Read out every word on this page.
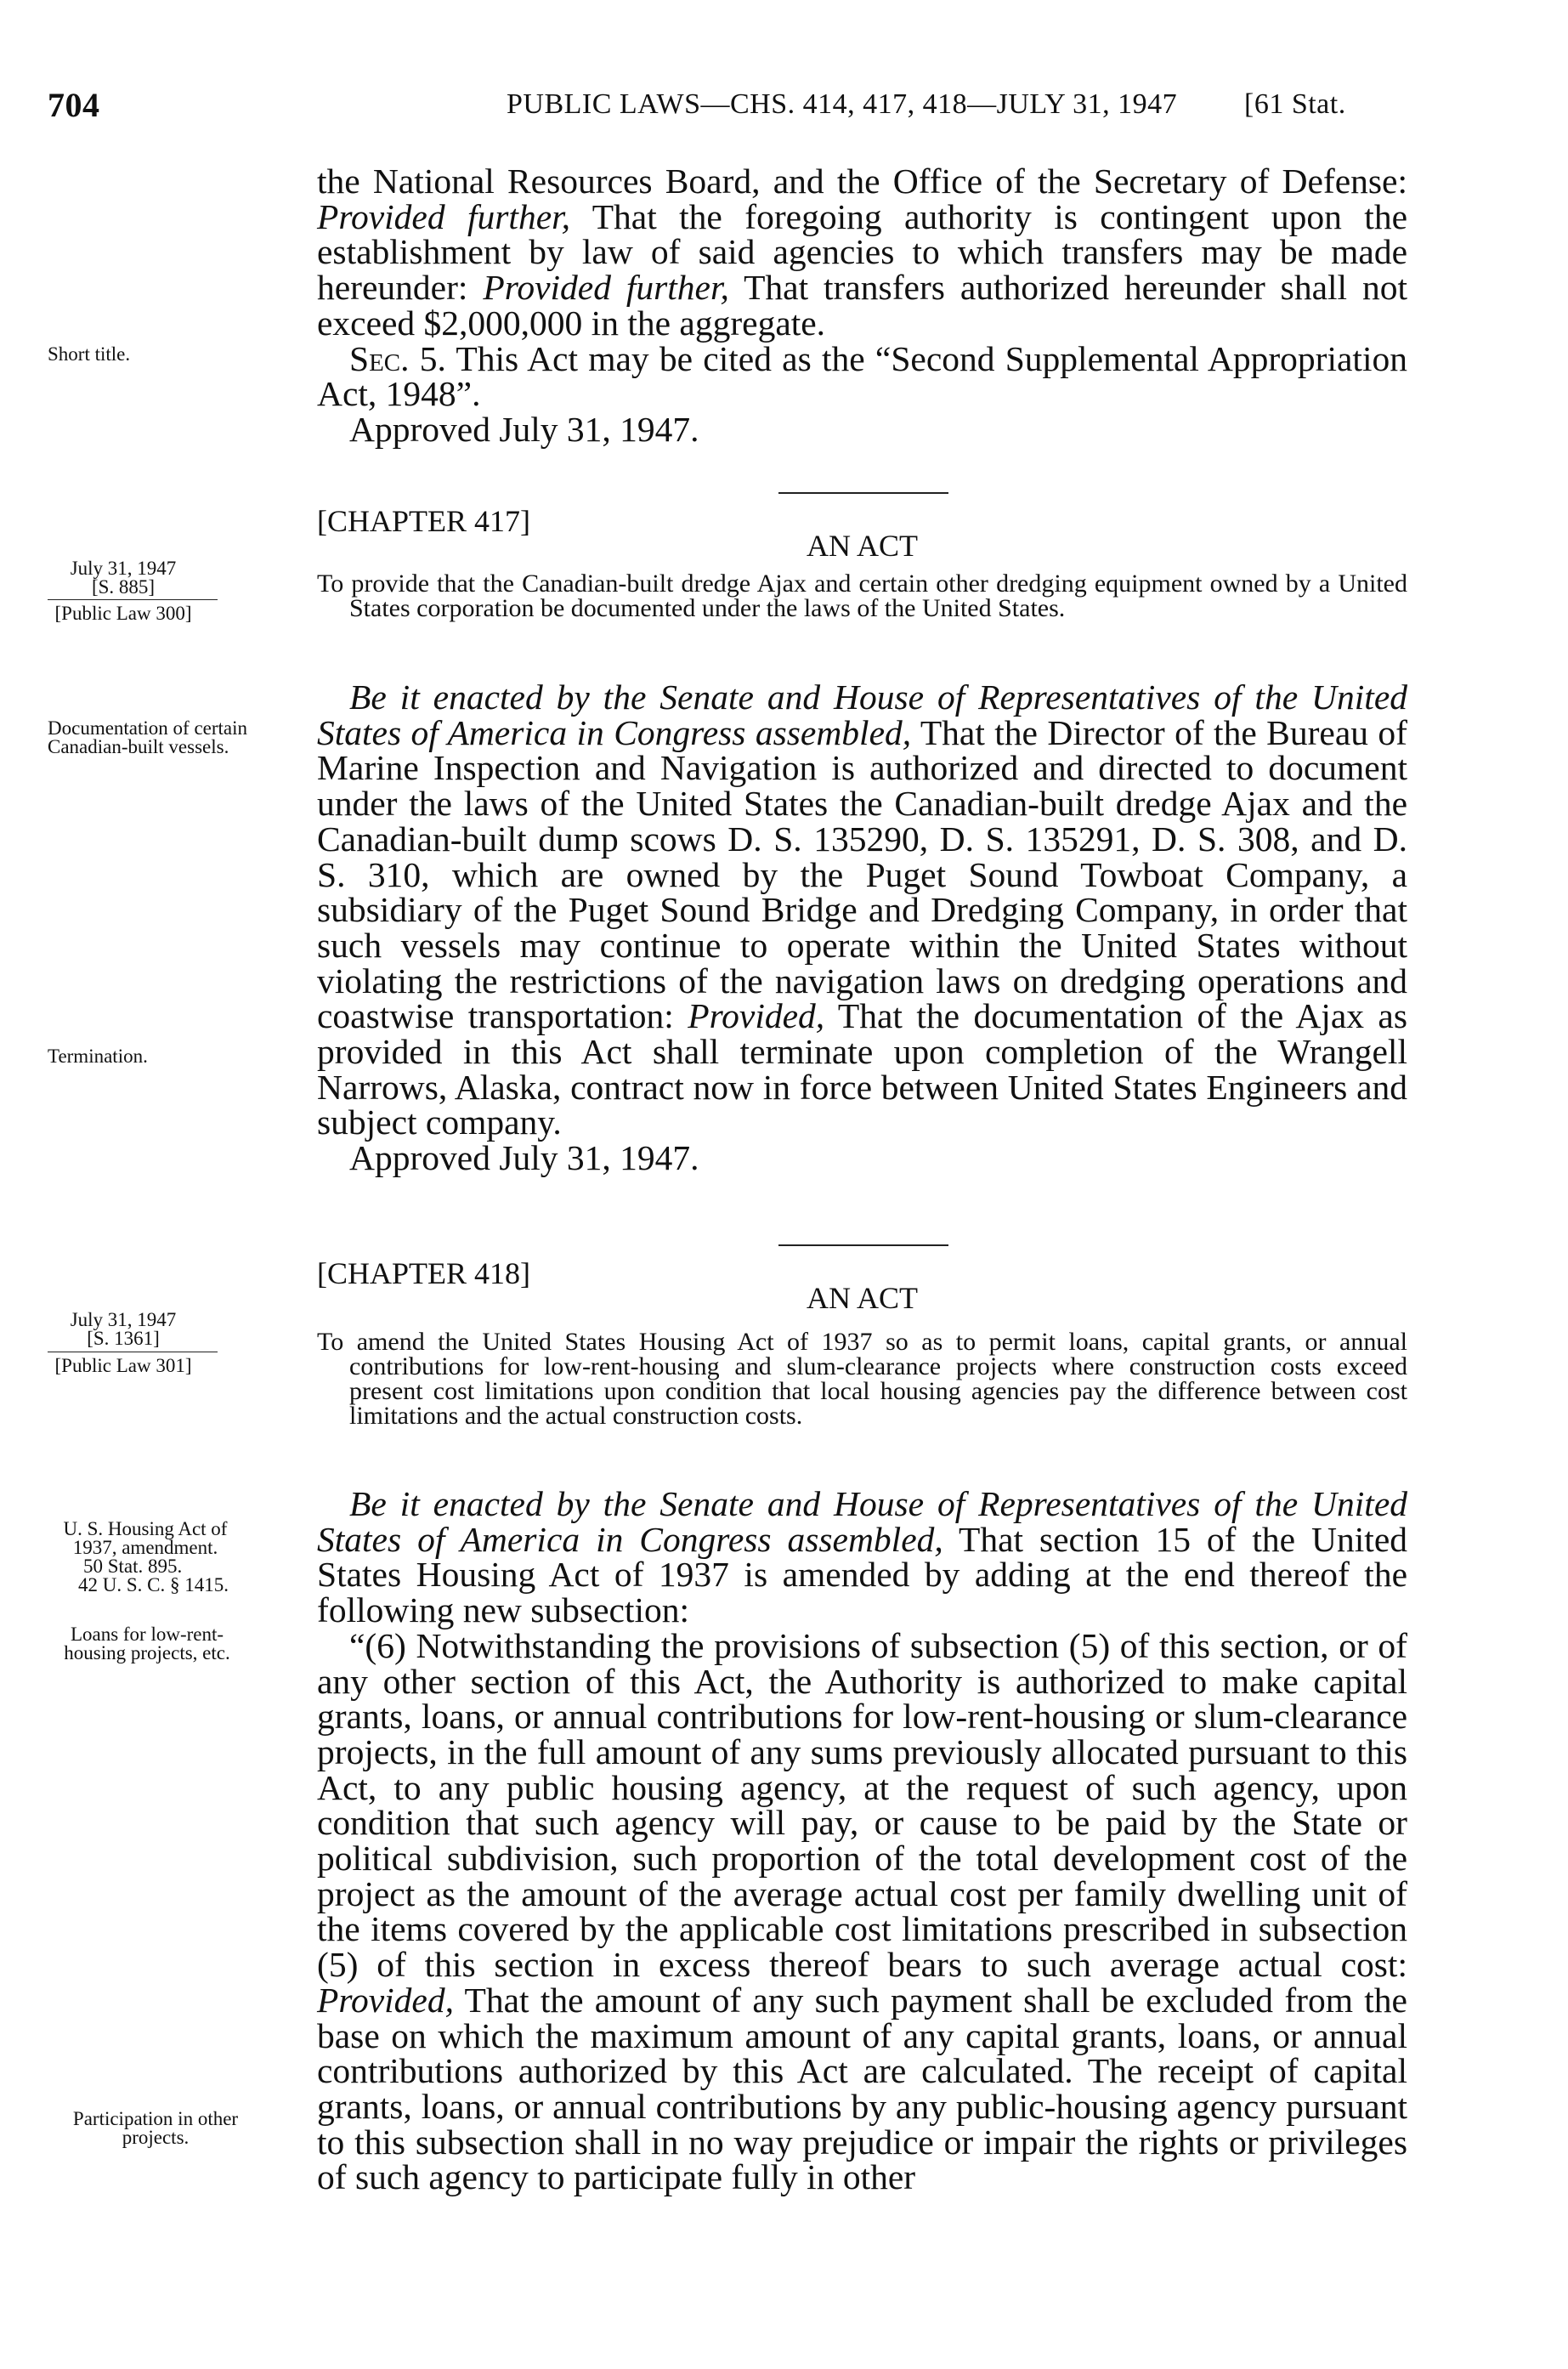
704	PUBLIC LAWS—CHS. 414, 417, 418—JULY 31, 1947 [61 Stat.

the National Resources Board, and the Office of the Secretary of Defense: Provided further, That the foregoing authority is contingent upon the establishment by law of said agencies to which transfers may be made hereunder: Provided further, That transfers authorized hereunder shall not exceed $2,000,000 in the aggregate.

Sec. 5. This Act may be cited as the “Second Supplemental Appropriation Act, 1948”.

Approved July 31, 1947.

[CHAPTER 417]
AN ACT
To provide that the Canadian-built dredge Ajax and certain other dredging equipment owned by a United States corporation be documented under the laws of the United States.

Be it enacted by the Senate and House of Representatives of the United States of America in Congress assembled, That the Director of the Bureau of Marine Inspection and Navigation is authorized and directed to document under the laws of the United States the Canadian-built dredge Ajax and the Canadian-built dump scows D. S. 135290, D. S. 135291, D. S. 308, and D. S. 310, which are owned by the Puget Sound Towboat Company, a subsidiary of the Puget Sound Bridge and Dredging Company, in order that such vessels may continue to operate within the United States without violating the restrictions of the navigation laws on dredging operations and coastwise transportation: Provided, That the documentation of the Ajax as provided in this Act shall terminate upon completion of the Wrangell Narrows, Alaska, contract now in force between United States Engineers and subject company.

Approved July 31, 1947.

[CHAPTER 418]
AN ACT
To amend the United States Housing Act of 1937 so as to permit loans, capital grants, or annual contributions for low-rent-housing and slum-clearance projects where construction costs exceed present cost limitations upon condition that local housing agencies pay the difference between cost limitations and the actual construction costs.

Be it enacted by the Senate and House of Representatives of the United States of America in Congress assembled, That section 15 of the United States Housing Act of 1937 is amended by adding at the end thereof the following new subsection:

“(6) Notwithstanding the provisions of subsection (5) of this section, or of any other section of this Act, the Authority is authorized to make capital grants, loans, or annual contributions for low-rent-housing or slum-clearance projects, in the full amount of any sums previously allocated pursuant to this Act, to any public housing agency, at the request of such agency, upon condition that such agency will pay, or cause to be paid by the State or political subdivision, such proportion of the total development cost of the project as the amount of the average actual cost per family dwelling unit of the items covered by the applicable cost limitations prescribed in subsection (5) of this section in excess thereof bears to such average actual cost: Provided, That the amount of any such payment shall be excluded from the base on which the maximum amount of any capital grants, loans, or annual contributions authorized by this Act are calculated. The receipt of capital grants, loans, or annual contributions by any public-housing agency pursuant to this subsection shall in no way prejudice or impair the rights or privileges of such agency to participate fully in other

Short title.
July 31, 1947
[S. 885]
[Public Law 300]
Documentation of certain Canadian-built vessels.
Termination.
July 31, 1947
[S. 1361]
[Public Law 301]
U. S. Housing Act of 1937, amendment.
50 Stat. 895.
42 U. S. C. § 1415.
Loans for low-rent-housing projects, etc.
Participation in other projects.
